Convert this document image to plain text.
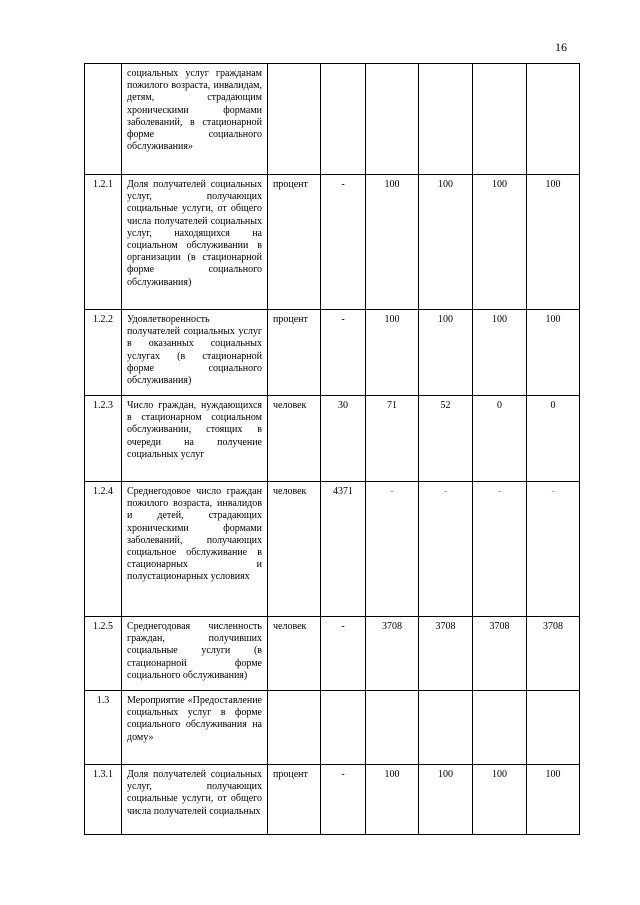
16
	социальных услуг гражданам пожилого возраста, инвалидам, детям, страдающим хроническими формами заболеваний, в стационарной форме социального обслуживания»						
1.2.1	Доля получателей социальных услуг, получающих социальные услуги, от общего числа получателей социальных услуг, находящихся на социальном обслуживании в организации (в стационарной форме социального обслуживания)	процент	-	100	100	100	100
1.2.2	Удовлетворенность получателей социальных услуг в оказанных социальных услугах (в стационарной форме социального обслуживания)	процент	-	100	100	100	100
1.2.3	Число граждан, нуждающихся в стационарном социальном обслуживании, стоящих в очереди на получение социальных услуг	человек	30	71	52	0	0
1.2.4	Среднегодовое число граждан пожилого возраста, инвалидов и детей, страдающих хроническими формами заболеваний, получающих социальное обслуживание в стационарных и полустационарных условиях	человек	4371	-	-	-	-
1.2.5	Среднегодовая численность граждан, получивших социальные услуги (в стационарной форме социального обслуживания)	человек	-	3708	3708	3708	3708
1.3	Мероприятие «Предоставление социальных услуг в форме социального обслуживания на дому»						
1.3.1	Доля получателей социальных услуг, получающих социальные услуги, от общего числа получателей социальных	процент	-	100	100	100	100
